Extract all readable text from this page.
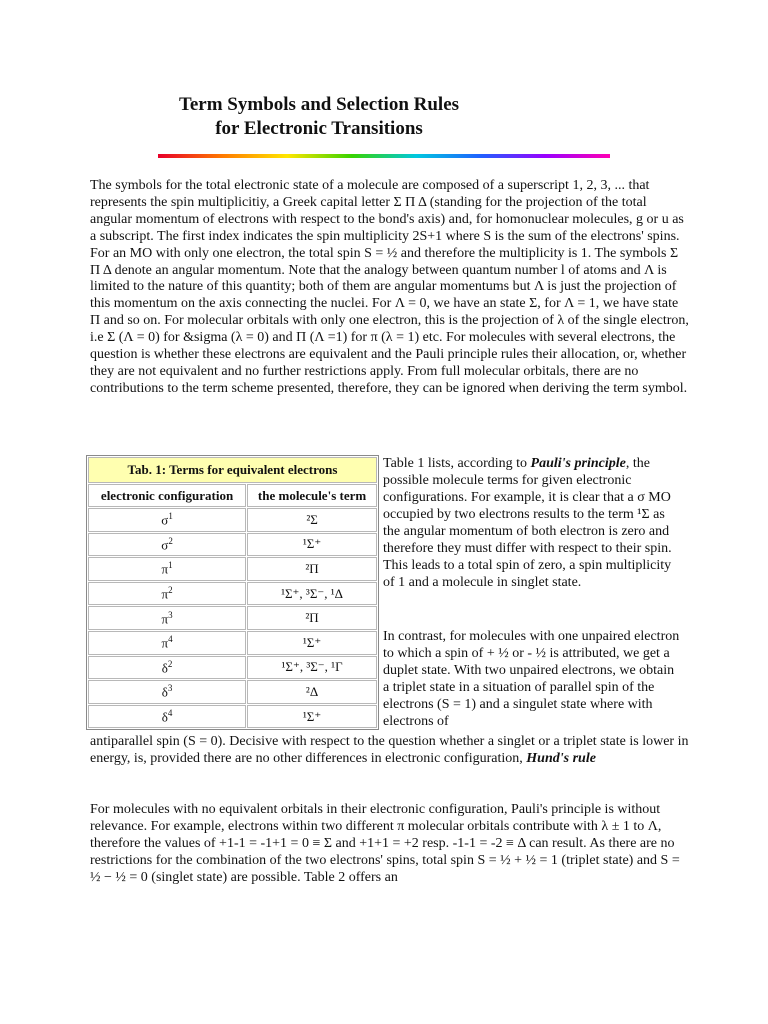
Term Symbols and Selection Rules
for Electronic Transitions

The symbols for the total electronic state of a molecule are composed of a superscript 1, 2, 3, ... that represents the spin multiplicitiy, a Greek capital letter Σ Π Δ (standing for the projection of the total angular momentum of electrons with respect to the bond's axis) and, for homonuclear molecules, g or u as a subscript. The first index indicates the spin multiplicity 2S+1 where S is the sum of the electrons' spins. For an MO with only one electron, the total spin S = ½ and therefore the multiplicity is 1. The symbols Σ Π Δ denote an angular momentum. Note that the analogy between quantum number l of atoms and Λ is limited to the nature of this quantity; both of them are angular momentums but Λ is just the projection of this momentum on the axis connecting the nuclei. For Λ = 0, we have an state Σ, for Λ = 1, we have state Π and so on. For molecular orbitals with only one electron, this is the projection of λ of the single electron, i.e Σ (Λ = 0) for &sigma (λ = 0) and Π (Λ =1) for π (λ = 1) etc. For molecules with several electrons, the question is whether these electrons are equivalent and the Pauli principle rules their allocation, or, whether they are not equivalent and no further restrictions apply. From full molecular orbitals, there are no contributions to the term scheme presented, therefore, they can be ignored when deriving the term symbol.

Tab. 1: Terms for equivalent electrons	
electronic configuration	the molecule's term
$\sigma^1$	²Σ
$\sigma^2$	¹Σ⁺
$\pi^1$	²Π
$\pi^2$	¹Σ⁺, ³Σ⁻, ¹Δ
$\pi^3$	²Π
$\pi^4$	¹Σ⁺
$\delta^2$	¹Σ⁺, ³Σ⁻, ¹Γ
$\delta^3$	²Δ
$\delta^4$	¹Σ⁺

Table 1 lists, according to Pauli's principle, the possible molecule terms for given electronic configurations. For example, it is clear that a σ MO occupied by two electrons results to the term ¹Σ as the angular momentum of both electron is zero and therefore they must differ with respect to their spin. This leads to a total spin of zero, a spin multiplicity of 1 and a molecule in singlet state.

In contrast, for molecules with one unpaired electron to which a spin of + ½ or - ½ is attributed, we get a duplet state. With two unpaired electrons, we obtain a triplet state in a situation of parallel spin of the electrons (S = 1) and a singulet state where with electrons of

antiparallel spin (S = 0). Decisive with respect to the question whether a singlet or a triplet state is lower in energy, is, provided there are no other differences in electronic configuration, Hund's rule

For molecules with no equivalent orbitals in their electronic configuration, Pauli's principle is without relevance. For example, electrons within two different π molecular orbitals contribute with λ ± 1 to Λ, therefore the values of +1-1 = -1+1 = 0 ≡ Σ and +1+1 = +2 resp. -1-1 = -2 ≡ Δ can result. As there are no restrictions for the combination of the two electrons' spins, total spin S = ½ + ½ = 1 (triplet state) and S = ½ − ½ = 0 (singlet state) are possible. Table 2 offers an
